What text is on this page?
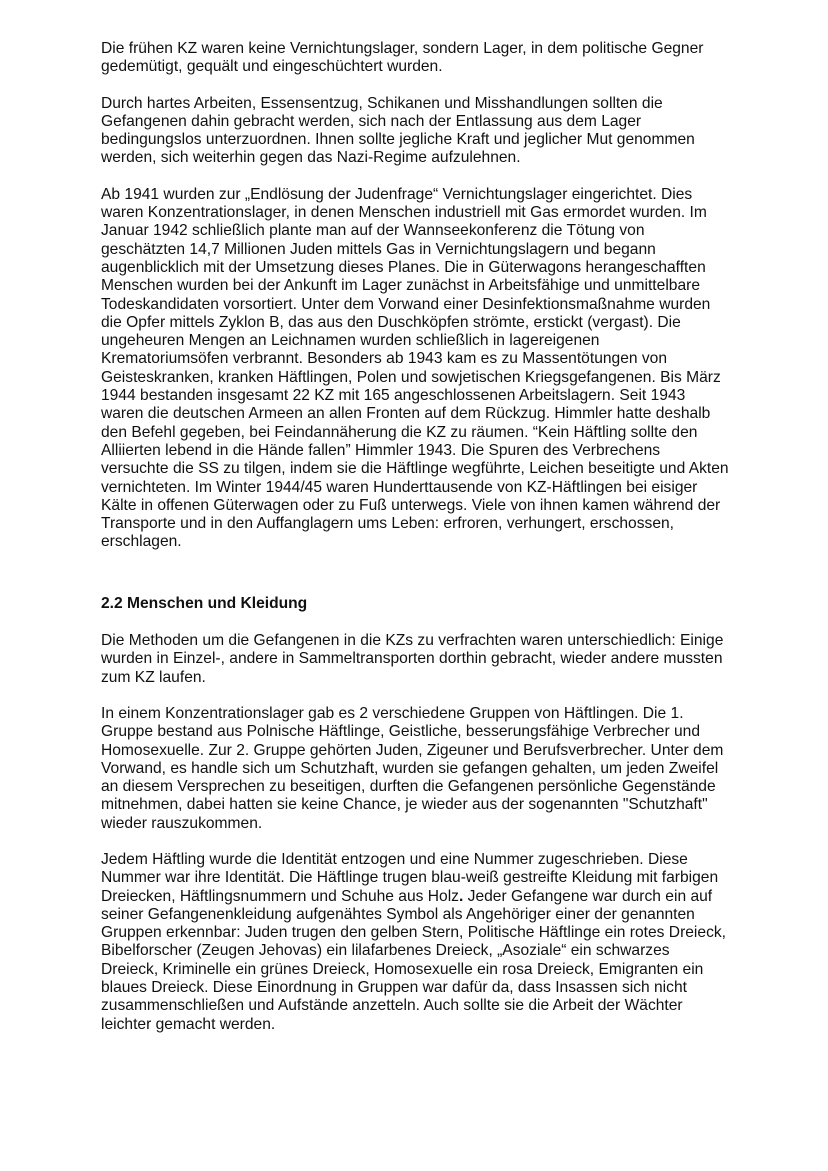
Die frühen KZ waren keine Vernichtungslager, sondern Lager, in dem politische Gegner gedemütigt, gequält und eingeschüchtert wurden.

Durch hartes Arbeiten, Essensentzug, Schikanen und Misshandlungen sollten die Gefangenen dahin gebracht werden, sich nach der Entlassung aus dem Lager bedingungslos unterzuordnen. Ihnen sollte jegliche Kraft und jeglicher Mut genommen werden, sich weiterhin gegen das Nazi-Regime aufzulehnen.

Ab 1941 wurden zur „Endlösung der Judenfrage“ Vernichtungslager eingerichtet. Dies waren Konzentrationslager, in denen Menschen industriell mit Gas ermordet wurden. Im Januar 1942 schließlich plante man auf der Wannseekonferenz die Tötung von geschätzten 14,7 Millionen Juden mittels Gas in Vernichtungslagern und begann augenblicklich mit der Umsetzung dieses Planes. Die in Güterwagons herangeschafften Menschen wurden bei der Ankunft im Lager zunächst in Arbeitsfähige und unmittelbare Todeskandidaten vorsortiert. Unter dem Vorwand einer Desinfektionsmaßnahme wurden die Opfer mittels Zyklon B, das aus den Duschköpfen strömte, erstickt (vergast). Die ungeheuren Mengen an Leichnamen wurden schließlich in lagereigenen Krematoriumsöfen verbrannt. Besonders ab 1943 kam es zu Massentötungen von Geisteskranken, kranken Häftlingen, Polen und sowjetischen Kriegsgefangenen. Bis März 1944 bestanden insgesamt 22 KZ mit 165 angeschlossenen Arbeitslagern. Seit 1943 waren die deutschen Armeen an allen Fronten auf dem Rückzug. Himmler hatte deshalb den Befehl gegeben, bei Feindannäherung die KZ zu räumen. “Kein Häftling sollte den Alliierten lebend in die Hände fallen” Himmler 1943. Die Spuren des Verbrechens versuchte die SS zu tilgen, indem sie die Häftlinge wegführte, Leichen beseitigte und Akten vernichteten. Im Winter 1944/45 waren Hunderttausende von KZ-Häftlingen bei eisiger Kälte in offenen Güterwagen oder zu Fuß unterwegs. Viele von ihnen kamen während der Transporte und in den Auffanglagern ums Leben: erfroren, verhungert, erschossen, erschlagen.

2.2 Menschen und Kleidung

Die Methoden um die Gefangenen in die KZs zu verfrachten waren unterschiedlich: Einige wurden in Einzel-, andere in Sammeltransporten dorthin gebracht, wieder andere mussten zum KZ laufen.

In einem Konzentrationslager gab es 2 verschiedene Gruppen von Häftlingen. Die 1. Gruppe bestand aus Polnische Häftlinge, Geistliche, besserungsfähige Verbrecher und Homosexuelle. Zur 2. Gruppe gehörten Juden, Zigeuner und Berufsverbrecher. Unter dem Vorwand, es handle sich um Schutzhaft, wurden sie gefangen gehalten, um jeden Zweifel an diesem Versprechen zu beseitigen, durften die Gefangenen persönliche Gegenstände mitnehmen, dabei hatten sie keine Chance, je wieder aus der sogenannten "Schutzhaft" wieder rauszukommen.

Jedem Häftling wurde die Identität entzogen und eine Nummer zugeschrieben. Diese Nummer war ihre Identität. Die Häftlinge trugen blau-weiß gestreifte Kleidung mit farbigen Dreiecken, Häftlingsnummern und Schuhe aus Holz. Jeder Gefangene war durch ein auf seiner Gefangenenkleidung aufgenähtes Symbol als Angehöriger einer der genannten Gruppen erkennbar: Juden trugen den gelben Stern, Politische Häftlinge ein rotes Dreieck, Bibelforscher (Zeugen Jehovas) ein lilafarbenes Dreieck, „Asoziale“ ein schwarzes Dreieck, Kriminelle ein grünes Dreieck, Homosexuelle ein rosa Dreieck, Emigranten ein blaues Dreieck. Diese Einordnung in Gruppen war dafür da, dass Insassen sich nicht zusammenschließen und Aufstände anzetteln. Auch sollte sie die Arbeit der Wächter leichter gemacht werden.
